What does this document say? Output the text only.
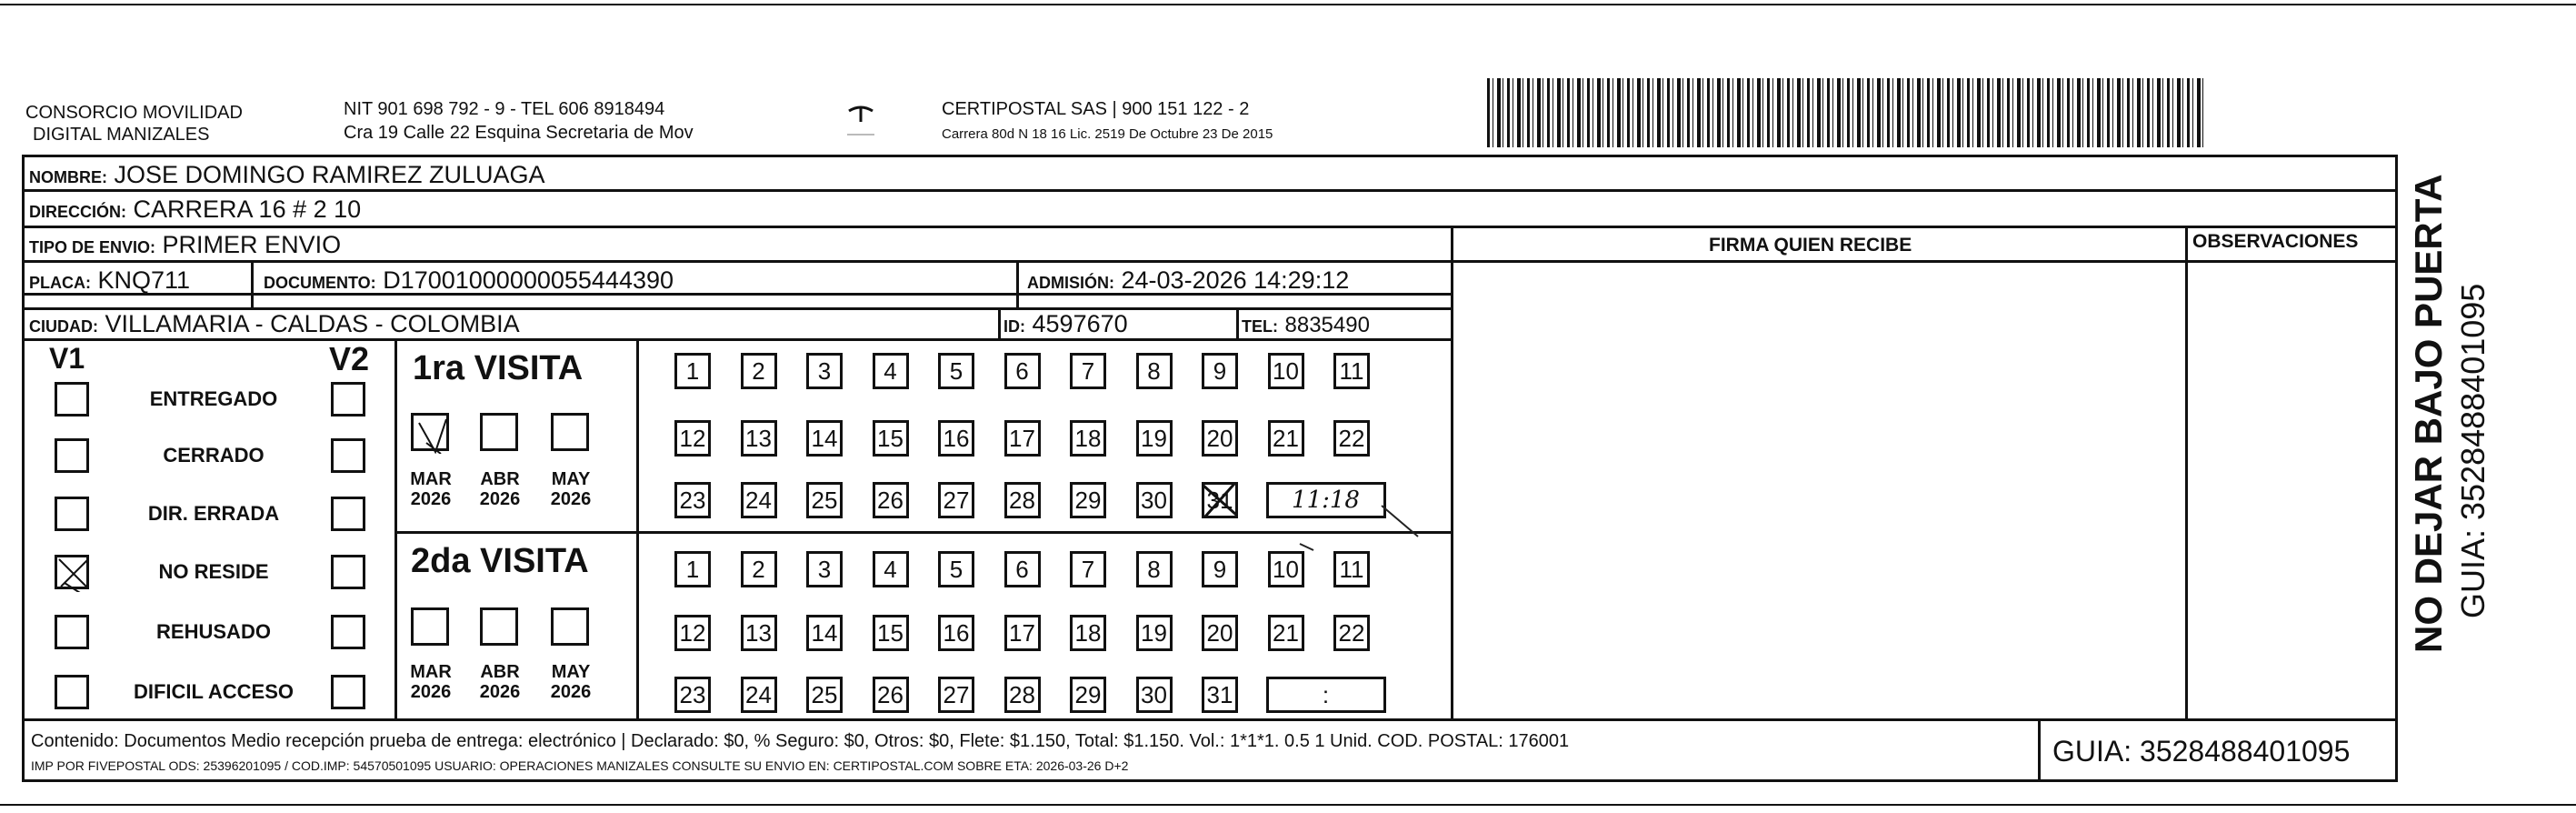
CONSORCIO MOVILIDAD
DIGITAL MANIZALES
NIT 901 698 792 - 9 - TEL 606 8918494
Cra 19 Calle 22 Esquina Secretaria de Mov
CERTIPOSTAL SAS | 900 151 122 - 2
Carrera 80d N 18 16 Lic. 2519 De Octubre 23 De 2015
NOMBRE: JOSE DOMINGO RAMIREZ ZULUAGA
DIRECCIÓN: CARRERA 16 # 2 10
TIPO DE ENVIO: PRIMER ENVIO	FIRMA QUIEN RECIBE	OBSERVACIONES
PLACA: KNQ711	DOCUMENTO: D17001000000055444390	ADMISIÓN: 24-03-2026 14:29:12
CIUDAD: VILLAMARIA - CALDAS - COLOMBIA	ID: 4597670	TEL: 8835490
V1	V2
ENTREGADO
CERRADO
DIR. ERRADA
NO RESIDE
REHUSADO
DIFICIL ACCESO
1ra VISITA
2da VISITA
MAR
2026
ABR
2026
MAY
2026
MAR
2026
ABR
2026
MAY
2026
1	2	3	4	5	6	7	8	9	10 11
12 13 14 15 16 17 18 19 20 21 22
23 24 25 26 27 28 29 30 31	11:18
1	2	3	4	5	6	7	8	9	10 11
12 13 14 15 16 17 18 19 20 21 22
23 24 25 26 27 28 29 30 31	:
Contenido: Documentos Medio recepción prueba de entrega: electrónico | Declarado: $0, % Seguro: $0, Otros: $0, Flete: $1.150, Total: $1.150. Vol.: 1*1*1. 0.5 1 Unid. COD. POSTAL: 176001
IMP POR FIVEPOSTAL ODS: 25396201095 / COD.IMP: 54570501095 USUARIO: OPERACIONES MANIZALES CONSULTE SU ENVIO EN: CERTIPOSTAL.COM SOBRE ETA: 2026-03-26 D+2	GUIA: 3528488401095
NO DEJAR BAJO PUERTA GUIA: 3528488401095
